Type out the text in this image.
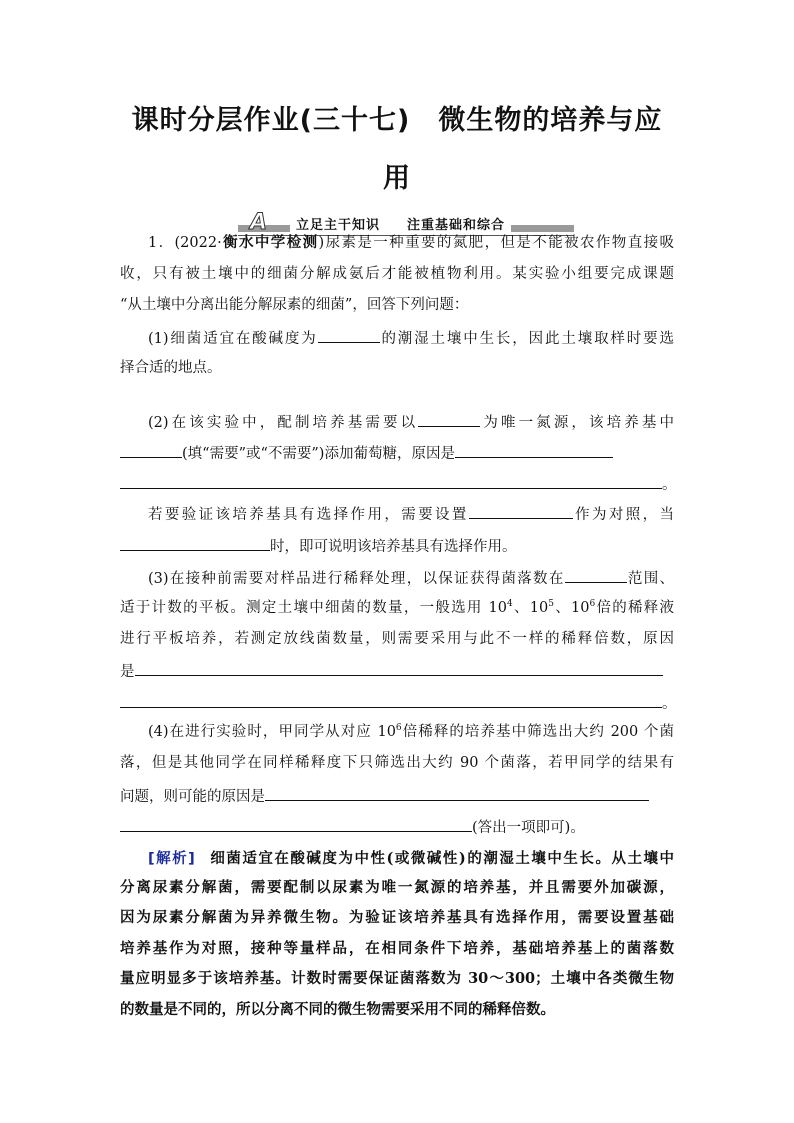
课时分层作业(三十七)　微生物的培养与应
用
A	立足主干知识  注重基础和综合
1．(2022·衡水中学检测)尿素是一种重要的氮肥，但是不能被农作物直接吸
收，只有被土壤中的细菌分解成氨后才能被植物利用。某实验小组要完成课题
“从土壤中分离出能分解尿素的细菌”，回答下列问题：
(1)细菌适宜在酸碱度为	的潮湿土壤中生长，因此土壤取样时要选
择合适的地点。
(2)在该实验中，配制培养基需要以	为唯一氮源，该培养基中
(填“需要”或“不需要”)添加葡萄糖，原因是
。
若要验证该培养基具有选择作用，需要设置	作为对照，当
时，即可说明该培养基具有选择作用。
(3)在接种前需要对样品进行稀释处理，以保证获得菌落数在	范围、
适于计数的平板。测定土壤中细菌的数量，一般选用 $10^4$、$10^5$、$10^6$倍的稀释液
进行平板培养，若测定放线菌数量，则需要采用与此不一样的稀释倍数，原因
是
。
(4)在进行实验时，甲同学从对应 $10^6$倍稀释的培养基中筛选出大约 200 个菌
落，但是其他同学在同样稀释度下只筛选出大约 90 个菌落，若甲同学的结果有
问题，则可能的原因是
(答出一项即可)。
[解析] 细菌适宜在酸碱度为中性(或微碱性)的潮湿土壤中生长。从土壤中
分离尿素分解菌，需要配制以尿素为唯一氮源的培养基，并且需要外加碳源，
因为尿素分解菌为异养微生物。为验证该培养基具有选择作用，需要设置基础
培养基作为对照，接种等量样品，在相同条件下培养，基础培养基上的菌落数
量应明显多于该培养基。计数时需要保证菌落数为 30～300；土壤中各类微生物
的数量是不同的，所以分离不同的微生物需要采用不同的稀释倍数。
